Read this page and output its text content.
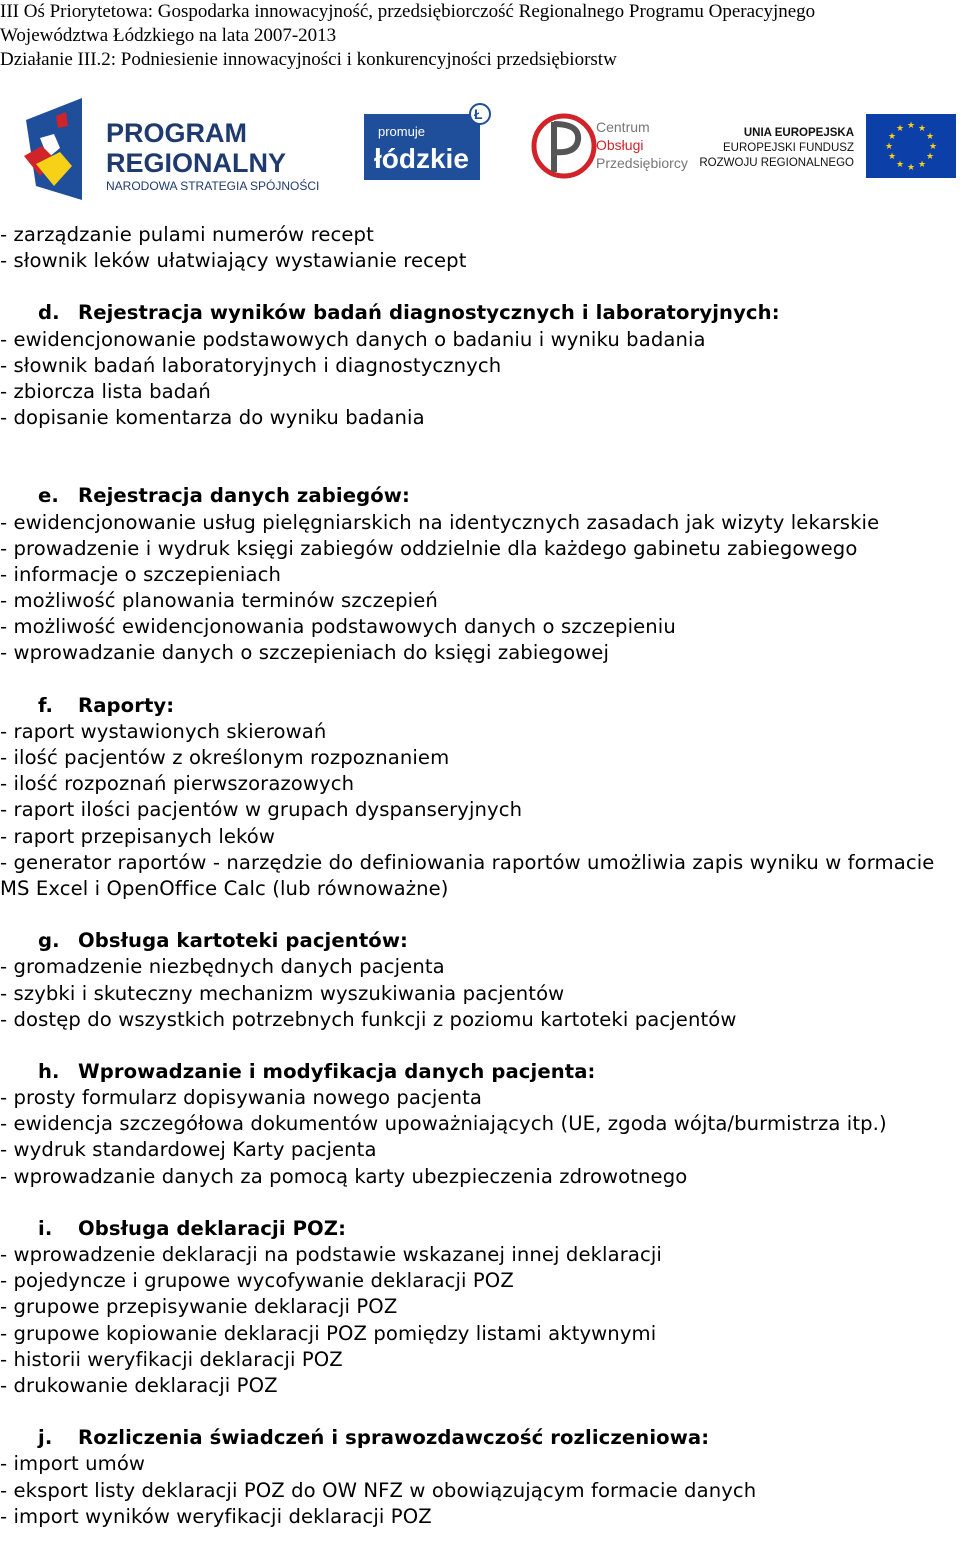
III Oś Priorytetowa: Gospodarka innowacyjność, przedsiębiorczość Regionalnego Programu Operacyjnego
Województwa Łódzkiego na lata 2007-2013
Działanie III.2: Podniesienie innowacyjności i konkurencyjności przedsiębiorstw
PROGRAM
REGIONALNY
NARODOWA STRATEGIA SPÓJNOŚCI
Ł
promuje
łódzkie
Centrum
Obsługi
Przedsiębiorcy
UNIA EUROPEJSKA
EUROPEJSKI FUNDUSZ
ROZWOJU REGIONALNEGO
★ ★
★
★
★
★
★
★
★
★
★
★
- zarządzanie pulami numerów recept
- słownik leków ułatwiający wystawianie recept
d. Rejestracja wyników badań diagnostycznych i laboratoryjnych:
- ewidencjonowanie podstawowych danych o badaniu i wyniku badania
- słownik badań laboratoryjnych i diagnostycznych
- zbiorcza lista badań
- dopisanie komentarza do wyniku badania
e. Rejestracja danych zabiegów:
- ewidencjonowanie usług pielęgniarskich na identycznych zasadach jak wizyty lekarskie
- prowadzenie i wydruk księgi zabiegów oddzielnie dla każdego gabinetu zabiegowego
- informacje o szczepieniach
- możliwość planowania terminów szczepień
- możliwość ewidencjonowania podstawowych danych o szczepieniu
- wprowadzanie danych o szczepieniach do księgi zabiegowej
f. Raporty:
- raport wystawionych skierowań
- ilość pacjentów z określonym rozpoznaniem
- ilość rozpoznań pierwszorazowych
- raport ilości pacjentów w grupach dyspanseryjnych
- raport przepisanych leków
- generator raportów - narzędzie do definiowania raportów umożliwia zapis wyniku w formacie MS Excel i OpenOffice Calc (lub równoważne)
g. Obsługa kartoteki pacjentów:
- gromadzenie niezbędnych danych pacjenta
- szybki i skuteczny mechanizm wyszukiwania pacjentów
- dostęp do wszystkich potrzebnych funkcji z poziomu kartoteki pacjentów
h. Wprowadzanie i modyfikacja danych pacjenta:
- prosty formularz dopisywania nowego pacjenta
- ewidencja szczegółowa dokumentów upoważniających (UE, zgoda wójta/burmistrza itp.)
- wydruk standardowej Karty pacjenta
- wprowadzanie danych za pomocą karty ubezpieczenia zdrowotnego
i. Obsługa deklaracji POZ:
- wprowadzenie deklaracji na podstawie wskazanej innej deklaracji
- pojedyncze i grupowe wycofywanie deklaracji POZ
- grupowe przepisywanie deklaracji POZ
- grupowe kopiowanie deklaracji POZ pomiędzy listami aktywnymi
- historii weryfikacji deklaracji POZ
- drukowanie deklaracji POZ
j. Rozliczenia świadczeń i sprawozdawczość rozliczeniowa:
- import umów
- eksport listy deklaracji POZ do OW NFZ w obowiązującym formacie danych
- import wyników weryfikacji deklaracji POZ
